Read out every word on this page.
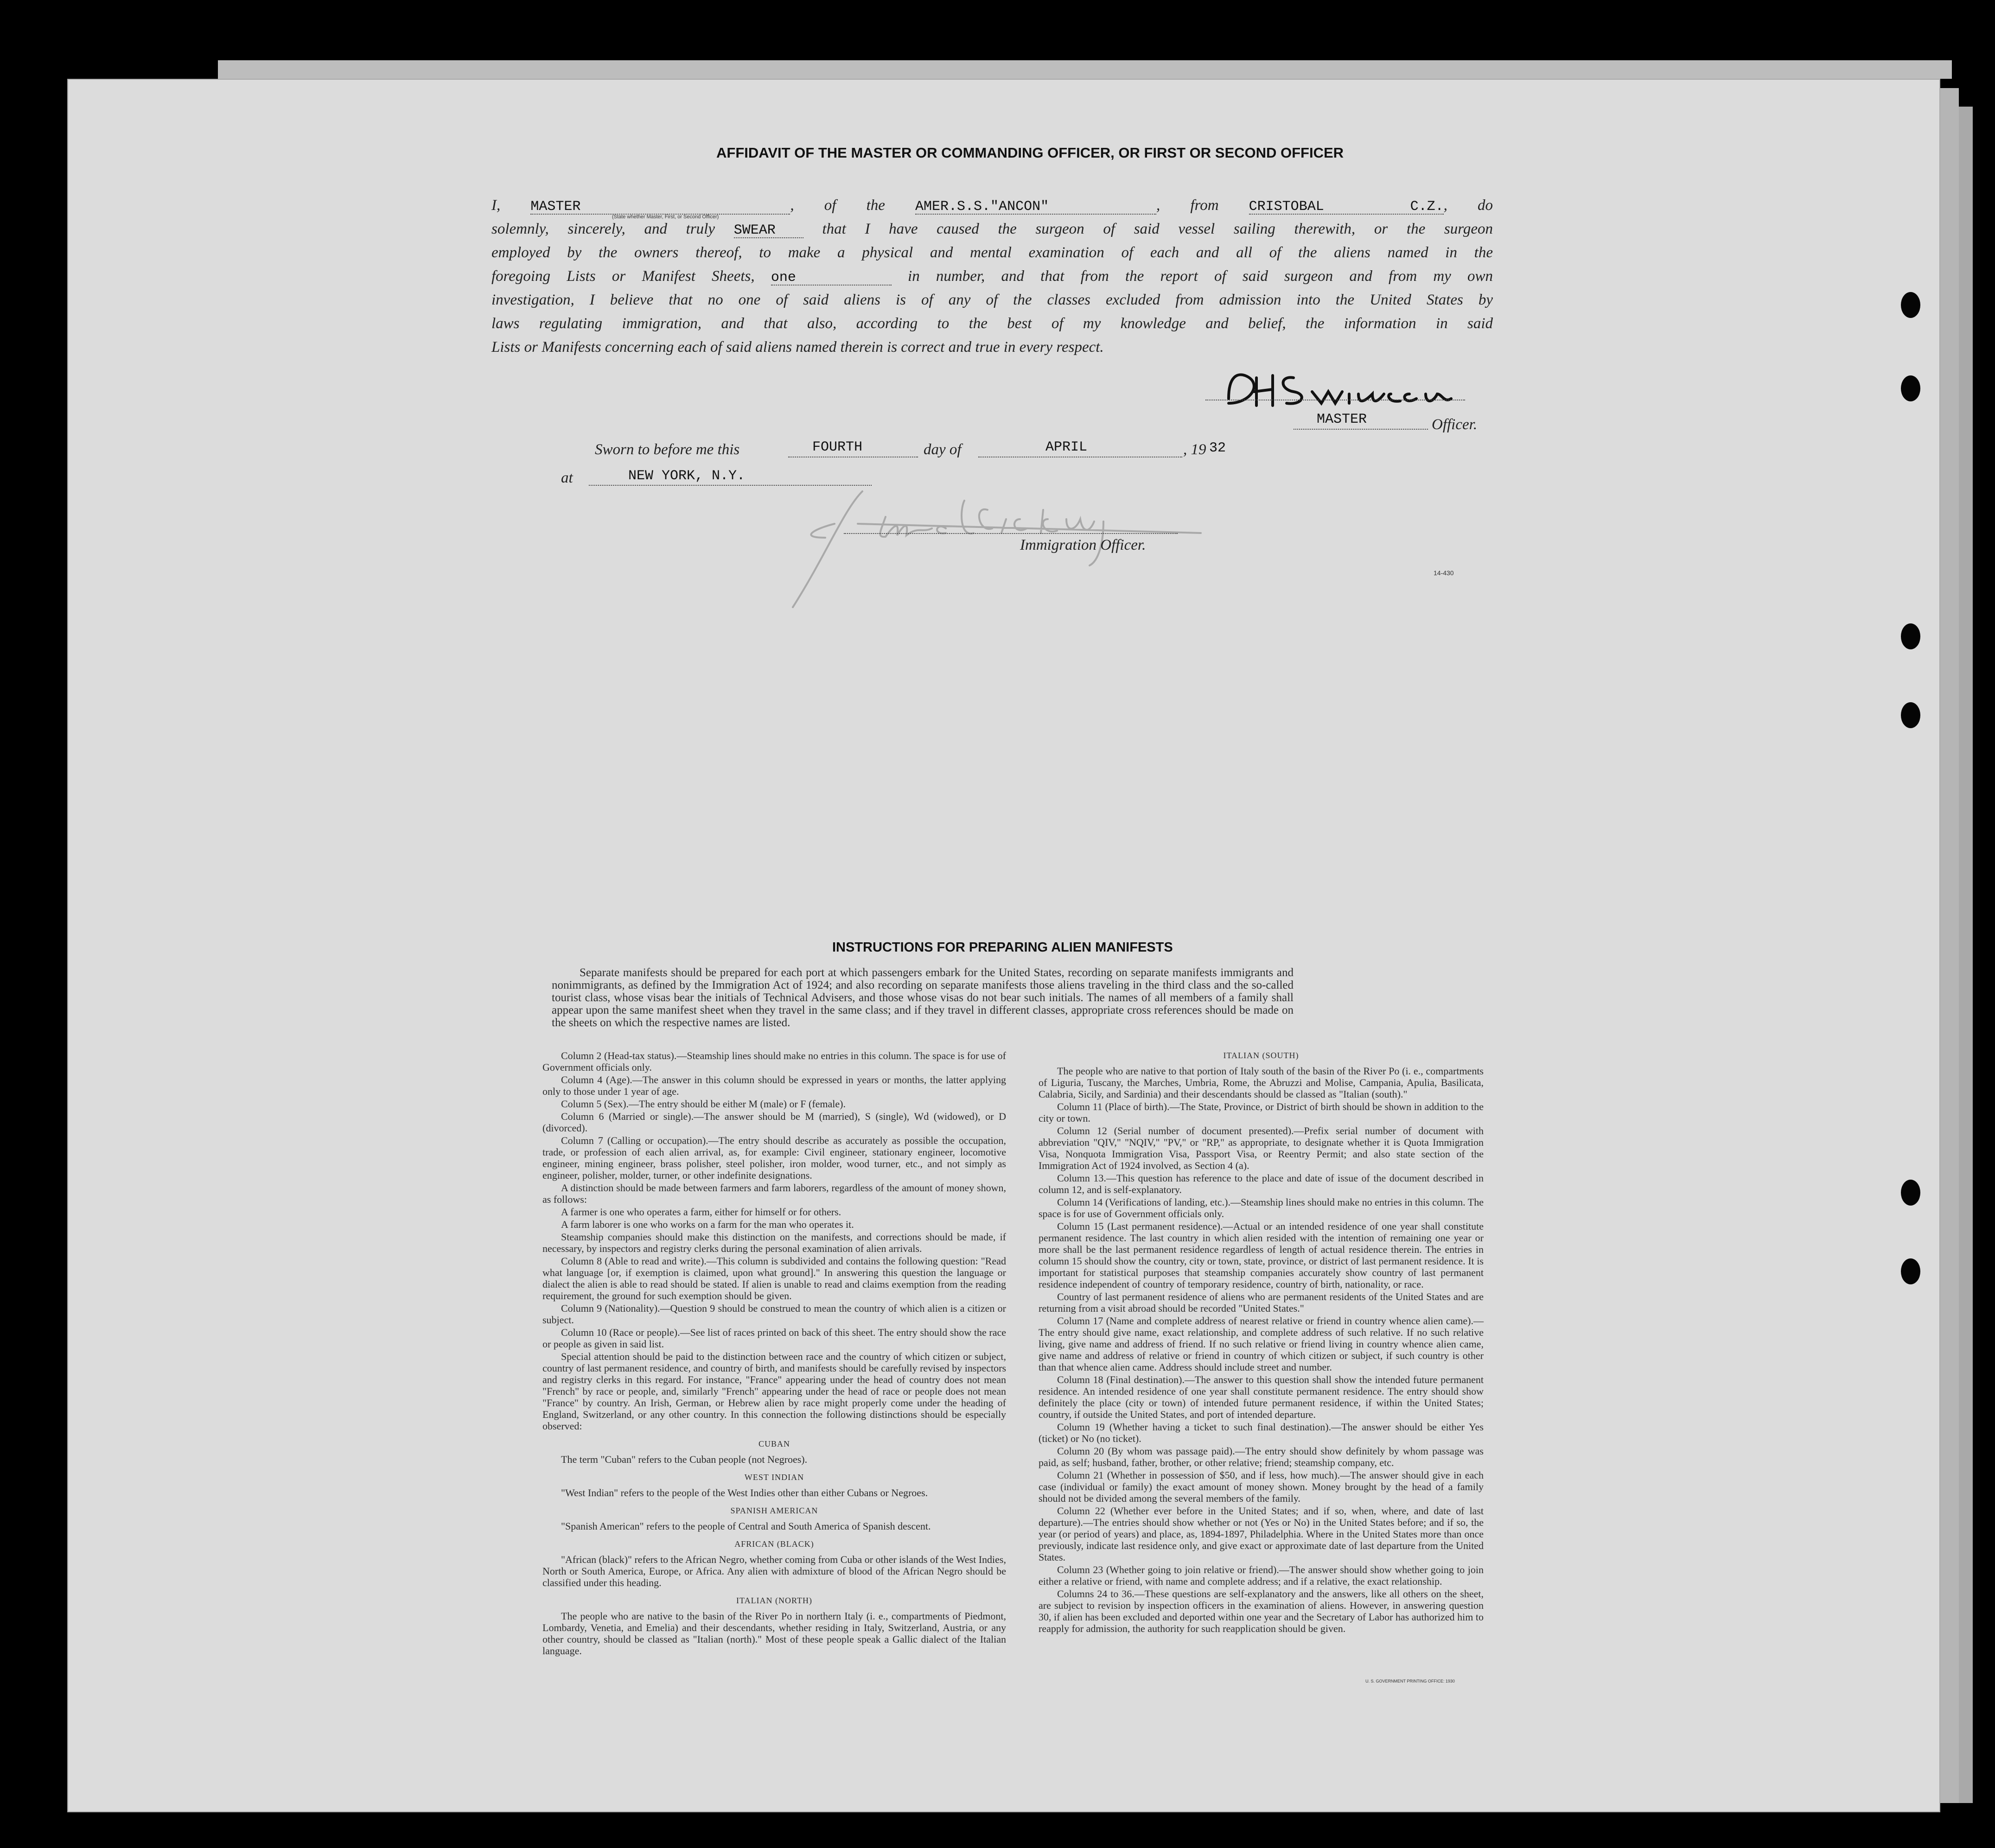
AFFIDAVIT OF THE MASTER OR COMMANDING OFFICER, OR FIRST OR SECOND OFFICER

I, MASTER	, of the AMER.S.S."ANCON"	, from CRISTOBAL C.Z., do

solemnly, sincerely, and truly SWEAR	that I have caused the surgeon of said vessel sailing therewith, or the surgeon

employed by the owners thereof, to make a physical and mental examination of each and all of the aliens named in the

foregoing Lists or Manifest Sheets, one	in number, and that from the report of said surgeon and from my own

investigation, I believe that no one of said aliens is of any of the classes excluded from admission into the United States by

laws regulating immigration, and that also, according to the best of my knowledge and belief, the information in said

Lists or Manifests concerning each of said aliens named therein is correct and true in every respect.

(State whether Master, First, or Second Officer)
MASTER	Officer.
Sworn to before me this	FOURTH	day of	APRIL	, 19 32
at	NEW YORK, N.Y.
Immigration Officer.
14-430
INSTRUCTIONS FOR PREPARING ALIEN MANIFESTS
Separate manifests should be prepared for each port at which passengers embark for the United States, recording on separate manifests immigrants and nonimmigrants, as defined by the Immigration Act of 1924; and also recording on separate manifests those aliens traveling in the third class and the so-called tourist class, whose visas bear the initials of Technical Advisers, and those whose visas do not bear such initials. The names of all members of a family shall appear upon the same manifest sheet when they travel in the same class; and if they travel in different classes, appropriate cross references should be made on the sheets on which the respective names are listed.

Column 2 (Head-tax status).—Steamship lines should make no entries in this column. The space is for use of Government officials only.

Column 4 (Age).—The answer in this column should be expressed in years or months, the latter applying only to those under 1 year of age.

Column 5 (Sex).—The entry should be either M (male) or F (female).

Column 6 (Married or single).—The answer should be M (married), S (single), Wd (widowed), or D (divorced).

Column 7 (Calling or occupation).—The entry should describe as accurately as possible the occupation, trade, or profession of each alien arrival, as, for example: Civil engineer, stationary engineer, locomotive engineer, mining engineer, brass polisher, steel polisher, iron molder, wood turner, etc., and not simply as engineer, polisher, molder, turner, or other indefinite designations.

A distinction should be made between farmers and farm laborers, regardless of the amount of money shown, as follows:

A farmer is one who operates a farm, either for himself or for others.

A farm laborer is one who works on a farm for the man who operates it.

Steamship companies should make this distinction on the manifests, and corrections should be made, if necessary, by inspectors and registry clerks during the personal examination of alien arrivals.

Column 8 (Able to read and write).—This column is subdivided and contains the following question: "Read what language [or, if exemption is claimed, upon what ground]." In answering this question the language or dialect the alien is able to read should be stated. If alien is unable to read and claims exemption from the reading requirement, the ground for such exemption should be given.

Column 9 (Nationality).—Question 9 should be construed to mean the country of which alien is a citizen or subject.

Column 10 (Race or people).—See list of races printed on back of this sheet. The entry should show the race or people as given in said list.

Special attention should be paid to the distinction between race and the country of which citizen or subject, country of last permanent residence, and country of birth, and manifests should be carefully revised by inspectors and registry clerks in this regard. For instance, "France" appearing under the head of country does not mean "French" by race or people, and, similarly "French" appearing under the head of race or people does not mean "France" by country. An Irish, German, or Hebrew alien by race might properly come under the heading of England, Switzerland, or any other country. In this connection the following distinctions should be especially observed:

CUBAN

The term "Cuban" refers to the Cuban people (not Negroes).

WEST INDIAN

"West Indian" refers to the people of the West Indies other than either Cubans or Negroes.

SPANISH AMERICAN

"Spanish American" refers to the people of Central and South America of Spanish descent.

AFRICAN (BLACK)

"African (black)" refers to the African Negro, whether coming from Cuba or other islands of the West Indies, North or South America, Europe, or Africa. Any alien with admixture of blood of the African Negro should be classified under this heading.

ITALIAN (NORTH)

The people who are native to the basin of the River Po in northern Italy (i. e., compartments of Piedmont, Lombardy, Venetia, and Emelia) and their descendants, whether residing in Italy, Switzerland, Austria, or any other country, should be classed as "Italian (north)." Most of these people speak a Gallic dialect of the Italian language.

ITALIAN (SOUTH)

The people who are native to that portion of Italy south of the basin of the River Po (i. e., compartments of Liguria, Tuscany, the Marches, Umbria, Rome, the Abruzzi and Molise, Campania, Apulia, Basilicata, Calabria, Sicily, and Sardinia) and their descendants should be classed as "Italian (south)."

Column 11 (Place of birth).—The State, Province, or District of birth should be shown in addition to the city or town.

Column 12 (Serial number of document presented).—Prefix serial number of document with abbreviation "QIV," "NQIV," "PV," or "RP," as appropriate, to designate whether it is Quota Immigration Visa, Nonquota Immigration Visa, Passport Visa, or Reentry Permit; and also state section of the Immigration Act of 1924 involved, as Section 4 (a).

Column 13.—This question has reference to the place and date of issue of the document described in column 12, and is self-explanatory.

Column 14 (Verifications of landing, etc.).—Steamship lines should make no entries in this column. The space is for use of Government officials only.

Column 15 (Last permanent residence).—Actual or an intended residence of one year shall constitute permanent residence. The last country in which alien resided with the intention of remaining one year or more shall be the last permanent residence regardless of length of actual residence therein. The entries in column 15 should show the country, city or town, state, province, or district of last permanent residence. It is important for statistical purposes that steamship companies accurately show country of last permanent residence independent of country of temporary residence, country of birth, nationality, or race.

Country of last permanent residence of aliens who are permanent residents of the United States and are returning from a visit abroad should be recorded "United States."

Column 17 (Name and complete address of nearest relative or friend in country whence alien came).—The entry should give name, exact relationship, and complete address of such relative. If no such relative living, give name and address of friend. If no such relative or friend living in country whence alien came, give name and address of relative or friend in country of which citizen or subject, if such country is other than that whence alien came. Address should include street and number.

Column 18 (Final destination).—The answer to this question shall show the intended future permanent residence. An intended residence of one year shall constitute permanent residence. The entry should show definitely the place (city or town) of intended future permanent residence, if within the United States; country, if outside the United States, and port of intended departure.

Column 19 (Whether having a ticket to such final destination).—The answer should be either Yes (ticket) or No (no ticket).

Column 20 (By whom was passage paid).—The entry should show definitely by whom passage was paid, as self; husband, father, brother, or other relative; friend; steamship company, etc.

Column 21 (Whether in possession of $50, and if less, how much).—The answer should give in each case (individual or family) the exact amount of money shown. Money brought by the head of a family should not be divided among the several members of the family.

Column 22 (Whether ever before in the United States; and if so, when, where, and date of last departure).—The entries should show whether or not (Yes or No) in the United States before; and if so, the year (or period of years) and place, as, 1894-1897, Philadelphia. Where in the United States more than once previously, indicate last residence only, and give exact or approximate date of last departure from the United States.

Column 23 (Whether going to join relative or friend).—The answer should show whether going to join either a relative or friend, with name and complete address; and if a relative, the exact relationship.

Columns 24 to 36.—These questions are self-explanatory and the answers, like all others on the sheet, are subject to revision by inspection officers in the examination of aliens. However, in answering question 30, if alien has been excluded and deported within one year and the Secretary of Labor has authorized him to reapply for admission, the authority for such reapplication should be given.

U. S. GOVERNMENT PRINTING OFFICE: 1930
